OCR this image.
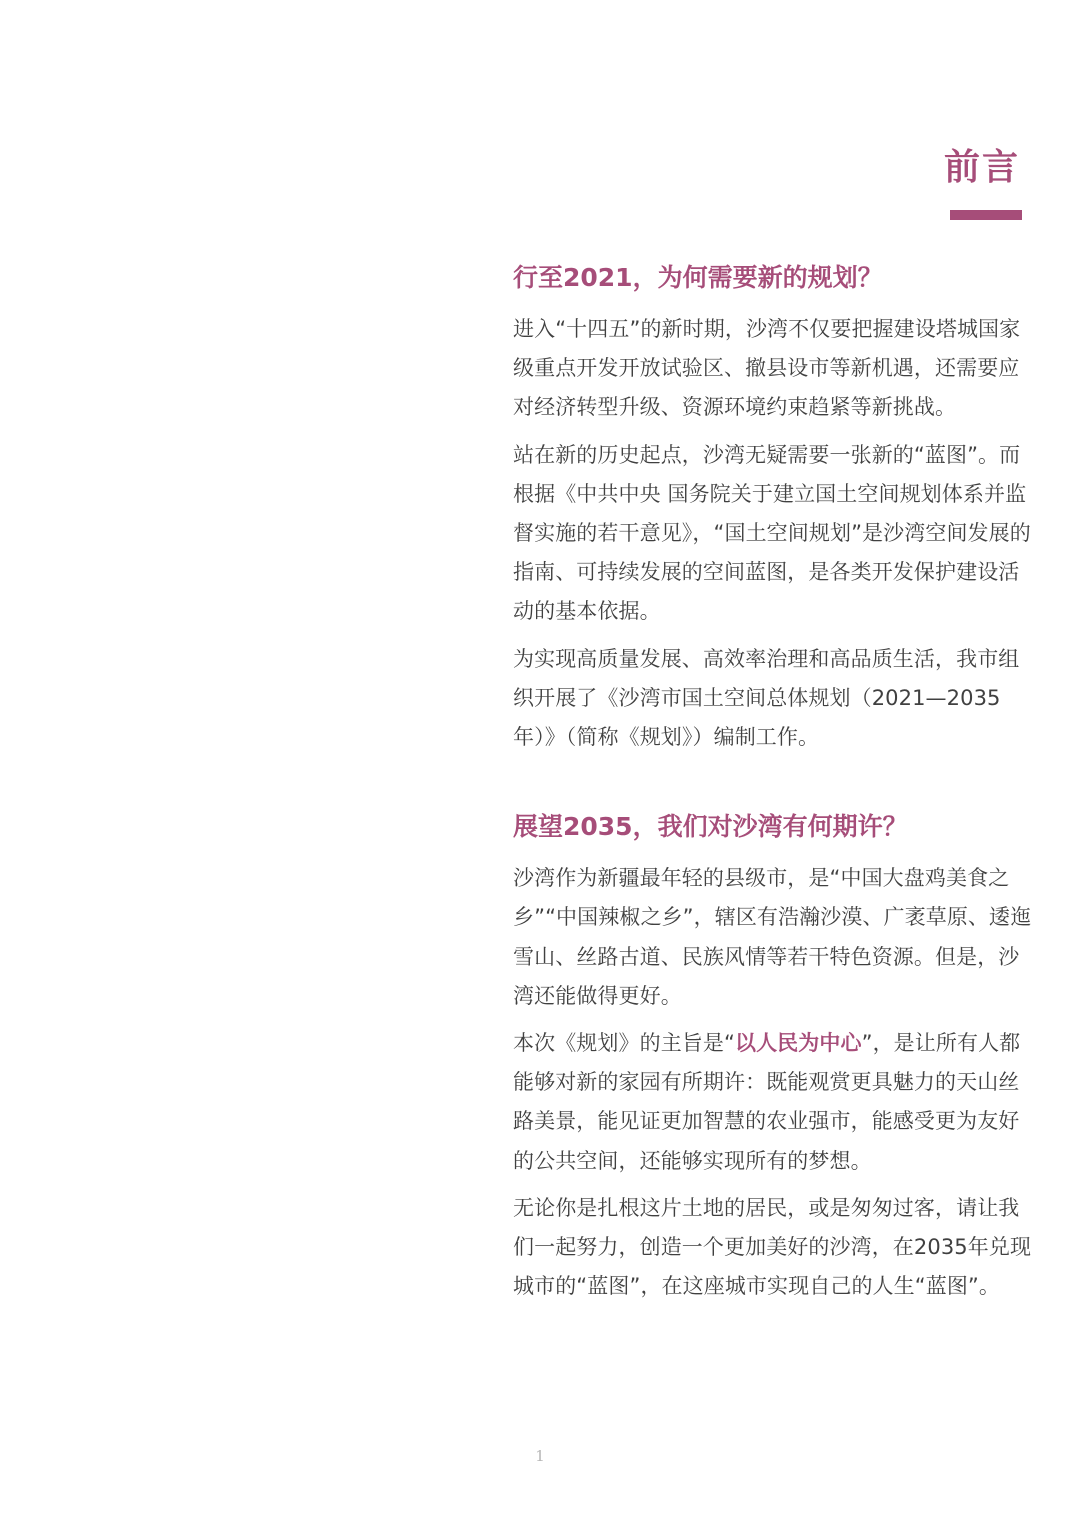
前言
行至2021，为何需要新的规划？

进入“十四五”的新时期，沙湾不仅要把握建设塔城国家级重点开发开放试验区、撤县设市等新机遇，还需要应对经济转型升级、资源环境约束趋紧等新挑战。

站在新的历史起点，沙湾无疑需要一张新的“蓝图”。而根据《中共中央 国务院关于建立国土空间规划体系并监督实施的若干意见》，“国土空间规划”是沙湾空间发展的指南、可持续发展的空间蓝图，是各类开发保护建设活动的基本依据。

为实现高质量发展、高效率治理和高品质生活，我市组织开展了《沙湾市国土空间总体规划（2021—2035年）》（简称《规划》）编制工作。

展望2035，我们对沙湾有何期许？

沙湾作为新疆最年轻的县级市，是“中国大盘鸡美食之乡”“中国辣椒之乡”，辖区有浩瀚沙漠、广袤草原、逶迤雪山、丝路古道、民族风情等若干特色资源。但是，沙湾还能做得更好。

本次《规划》的主旨是“以人民为中心”，是让所有人都能够对新的家园有所期许：既能观赏更具魅力的天山丝路美景，能见证更加智慧的农业强市，能感受更为友好的公共空间，还能够实现所有的梦想。

无论你是扎根这片土地的居民，或是匆匆过客，请让我们一起努力，创造一个更加美好的沙湾，在2035年兑现城市的“蓝图”，在这座城市实现自己的人生“蓝图”。

1
